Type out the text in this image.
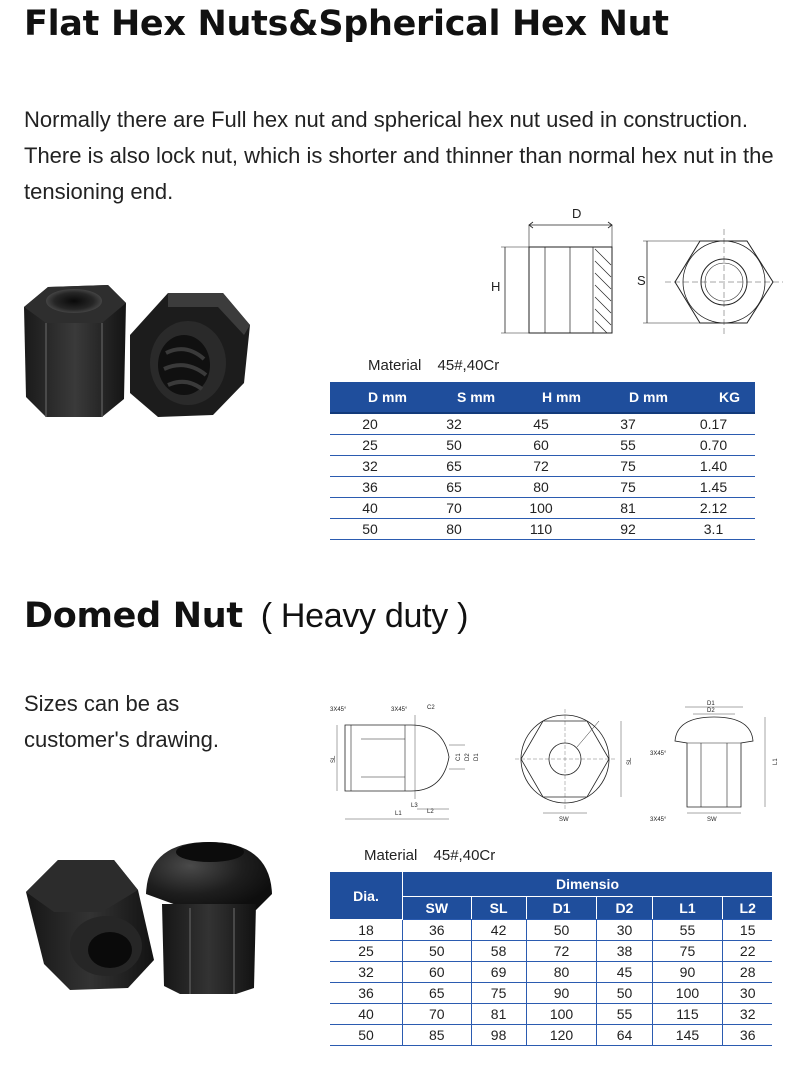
Flat Hex Nuts&Spherical Hex Nut
Normally there are Full hex nut and spherical hex nut used in construction.
There is also lock nut, which is shorter and thinner than normal hex nut in the
tensioning end.
D
H	S
Material 45#,40Cr
D mm	S mm	H mm	D mm	KG
20	32	45	37	0.17
25	50	60	55	0.70
32	65	72	75	1.40
36	65	80	75	1.45
40	70	100	81	2.12
50	80	110	92	3.1
Domed Nut ( Heavy duty )
Sizes can be as
customer's drawing.
3X45°	3X45°	C2
C1 D2 D1
SL
L3
L1	L2
SL
SW
D1
D2
3X45°
L1
3X45°	SW
Material 45#,40Cr
Dia.	Dimensio					
	SW	SL	D1	D2	L1	L2
18	36	42	50	30	55	15
25	50	58	72	38	75	22
32	60	69	80	45	90	28
36	65	75	90	50	100	30
40	70	81	100	55	115	32
50	85	98	120	64	145	36
